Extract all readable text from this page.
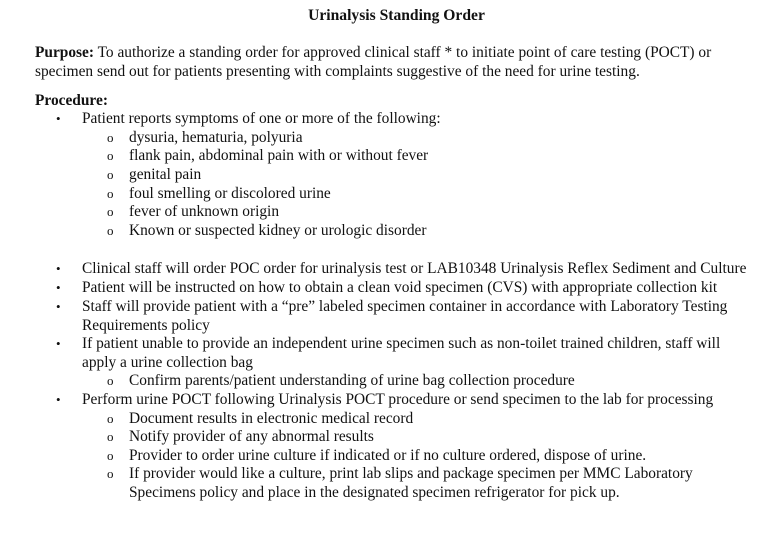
Urinalysis Standing Order

Purpose: To authorize a standing order for approved clinical staff * to initiate point of care testing (POCT) or specimen send out for patients presenting with complaints suggestive of the need for urine testing.

Procedure:
• Patient reports symptoms of one or more of the following:
o dysuria, hematuria, polyuria
o flank pain, abdominal pain with or without fever
o genital pain
o foul smelling or discolored urine
o fever of unknown origin
o Known or suspected kidney or urologic disorder
• Clinical staff will order POC order for urinalysis test or LAB10348 Urinalysis Reflex Sediment and Culture
• Patient will be instructed on how to obtain a clean void specimen (CVS) with appropriate collection kit
• Staff will provide patient with a “pre” labeled specimen container in accordance with Laboratory Testing Requirements policy
• If patient unable to provide an independent urine specimen such as non-toilet trained children, staff will apply a urine collection bag
o Confirm parents/patient understanding of urine bag collection procedure
• Perform urine POCT following Urinalysis POCT procedure or send specimen to the lab for processing
o Document results in electronic medical record
o Notify provider of any abnormal results
o Provider to order urine culture if indicated or if no culture ordered, dispose of urine.
o If provider would like a culture, print lab slips and package specimen per MMC Laboratory Specimens policy and place in the designated specimen refrigerator for pick up.
